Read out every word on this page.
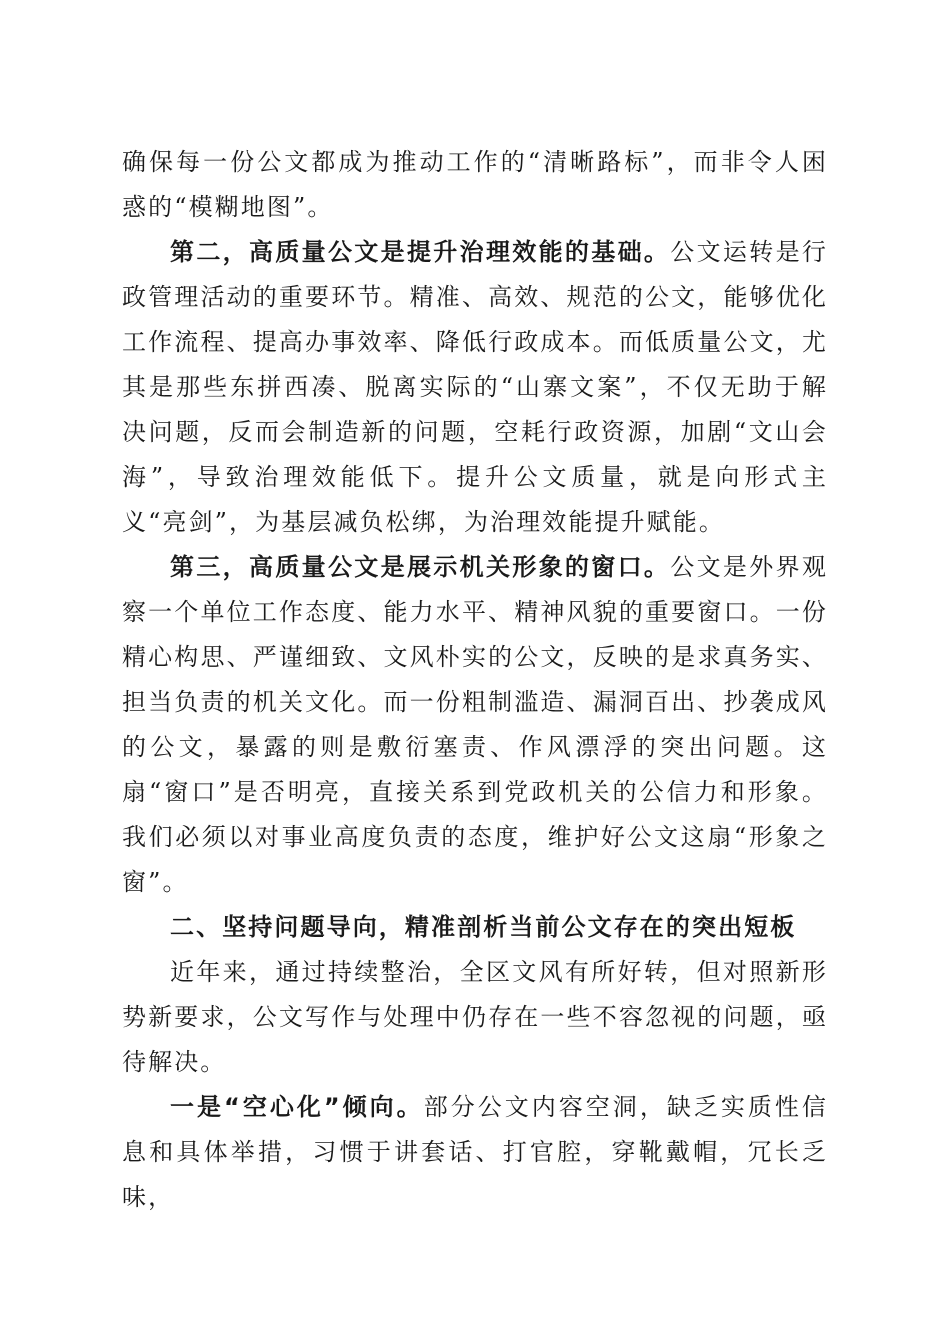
确保每一份公文都成为推动工作的“清晰路标”，而非令人困惑的“模糊地图”。

第二，高质量公文是提升治理效能的基础。公文运转是行政管理活动的重要环节。精准、高效、规范的公文，能够优化工作流程、提高办事效率、降低行政成本。而低质量公文，尤其是那些东拼西凑、脱离实际的“山寨文案”，不仅无助于解决问题，反而会制造新的问题，空耗行政资源，加剧“文山会海”，导致治理效能低下。提升公文质量，就是向形式主义“亮剑”，为基层减负松绑，为治理效能提升赋能。

第三，高质量公文是展示机关形象的窗口。公文是外界观察一个单位工作态度、能力水平、精神风貌的重要窗口。一份精心构思、严谨细致、文风朴实的公文，反映的是求真务实、担当负责的机关文化。而一份粗制滥造、漏洞百出、抄袭成风的公文，暴露的则是敷衍塞责、作风漂浮的突出问题。这扇“窗口”是否明亮，直接关系到党政机关的公信力和形象。我们必须以对事业高度负责的态度，维护好公文这扇“形象之窗”。

二、坚持问题导向，精准剖析当前公文存在的突出短板

近年来，通过持续整治，全区文风有所好转，但对照新形势新要求，公文写作与处理中仍存在一些不容忽视的问题，亟待解决。

一是“空心化”倾向。部分公文内容空洞，缺乏实质性信息和具体举措，习惯于讲套话、打官腔，穿靴戴帽，冗长乏味，
